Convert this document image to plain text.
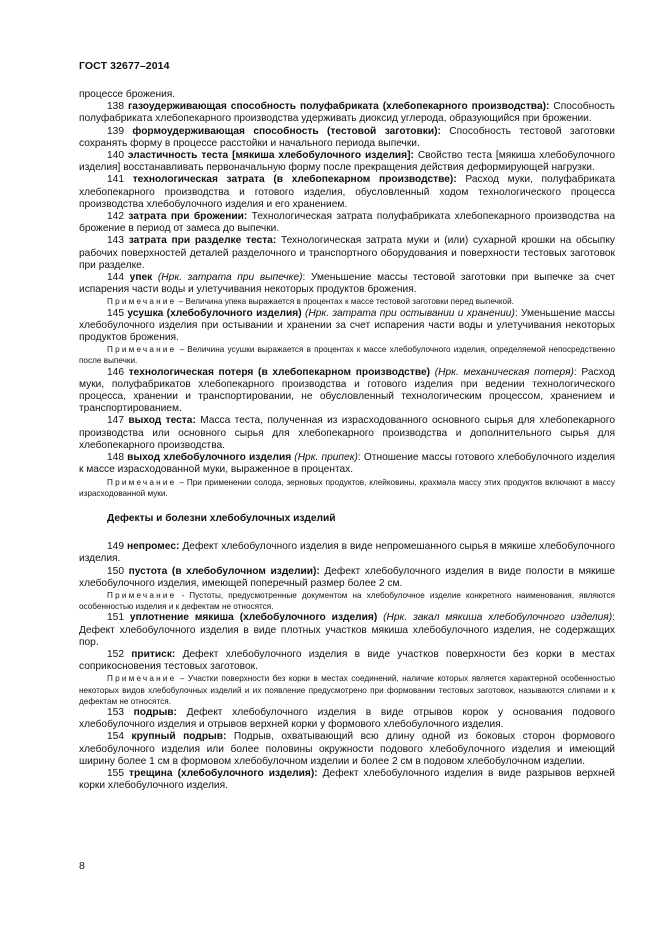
ГОСТ 32677–2014

процессе брожения.

138 газоудерживающая способность полуфабриката (хлебопекарного производства): Способность полуфабриката хлебопекарного производства удерживать диоксид углерода, образующийся при брожении.

139 формоудерживающая способность (тестовой заготовки): Способность тестовой заготовки сохранять форму в процессе расстойки и начального периода выпечки.

140 эластичность теста [мякиша хлебобулочного изделия]: Свойство теста [мякиша хлебобулочного изделия] восстанавливать первоначальную форму после прекращения действия деформирующей нагрузки.

141 технологическая затрата (в хлебопекарном производстве): Расход муки, полуфабриката хлебопекарного производства и готового изделия, обусловленный ходом технологического процесса производства хлебобулочного изделия и его хранением.

142 затрата при брожении: Технологическая затрата полуфабриката хлебопекарного производства на брожение в период от замеса до выпечки.

143 затрата при разделке теста: Технологическая затрата муки и (или) сухарной крошки на обсыпку рабочих поверхностей деталей разделочного и транспортного оборудования и поверхности тестовых заготовок при разделке.

144 упек (Нрк. затрата при выпечке): Уменьшение массы тестовой заготовки при выпечке за счет испарения части воды и улетучивания некоторых продуктов брожения.

Примечание – Величина упека выражается в процентах к массе тестовой заготовки перед выпечкой.

145 усушка (хлебобулочного изделия) (Нрк. затрата при остывании и хранении): Уменьшение массы хлебобулочного изделия при остывании и хранении за счет испарения части воды и улетучивания некоторых продуктов брожения.

Примечание – Величина усушки выражается в процентах к массе хлебобулочного изделия, определяемой непосредственно после выпечки.

146 технологическая потеря (в хлебопекарном производстве) (Нрк. механическая потеря): Расход муки, полуфабрикатов хлебопекарного производства и готового изделия при ведении технологического процесса, хранении и транспортировании, не обусловленный технологическим процессом, хранением и транспортированием.

147 выход теста: Масса теста, полученная из израсходованного основного сырья для хлебопекарного производства или основного сырья для хлебопекарного производства и дополнительного сырья для хлебопекарного производства.

148 выход хлебобулочного изделия (Нрк. припек): Отношение массы готового хлебобулочного изделия к массе израсходованной муки, выраженное в процентах.

Примечание – При применении солода, зерновых продуктов, клейковины, крахмала массу этих продуктов включают в массу израсходованной муки.

Дефекты и болезни хлебобулочных изделий

149 непромес: Дефект хлебобулочного изделия в виде непромешанного сырья в мякише хлебобулочного изделия.

150 пустота (в хлебобулочном изделии): Дефект хлебобулочного изделия в виде полости в мякише хлебобулочного изделия, имеющей поперечный размер более 2 см.

Примечание - Пустоты, предусмотренные документом на хлебобулочное изделие конкретного наименования, являются особенностью изделия и к дефектам не относятся.

151 уплотнение мякиша (хлебобулочного изделия) (Нрк. закал мякиша хлебобулочного изделия): Дефект хлебобулочного изделия в виде плотных участков мякиша хлебобулочного изделия, не содержащих пор.

152 притиск: Дефект хлебобулочного изделия в виде участков поверхности без корки в местах соприкосновения тестовых заготовок.

Примечание – Участки поверхности без корки в местах соединений, наличие которых является характерной особенностью некоторых видов хлебобулочных изделий и их появление предусмотрено при формовании тестовых заготовок, называются слипами и к дефектам не относятся.

153 подрыв: Дефект хлебобулочного изделия в виде отрывов корок у основания подового хлебобулочного изделия и отрывов верхней корки у формового хлебобулочного изделия.

154 крупный подрыв: Подрыв, охватывающий всю длину одной из боковых сторон формового хлебобулочного изделия или более половины окружности подового хлебобулочного изделия и имеющий ширину более 1 см в формовом хлебобулочном изделии и более 2 см в подовом хлебобулочном изделии.

155 трещина (хлебобулочного изделия): Дефект хлебобулочного изделия в виде разрывов верхней корки хлебобулочного изделия.

8
